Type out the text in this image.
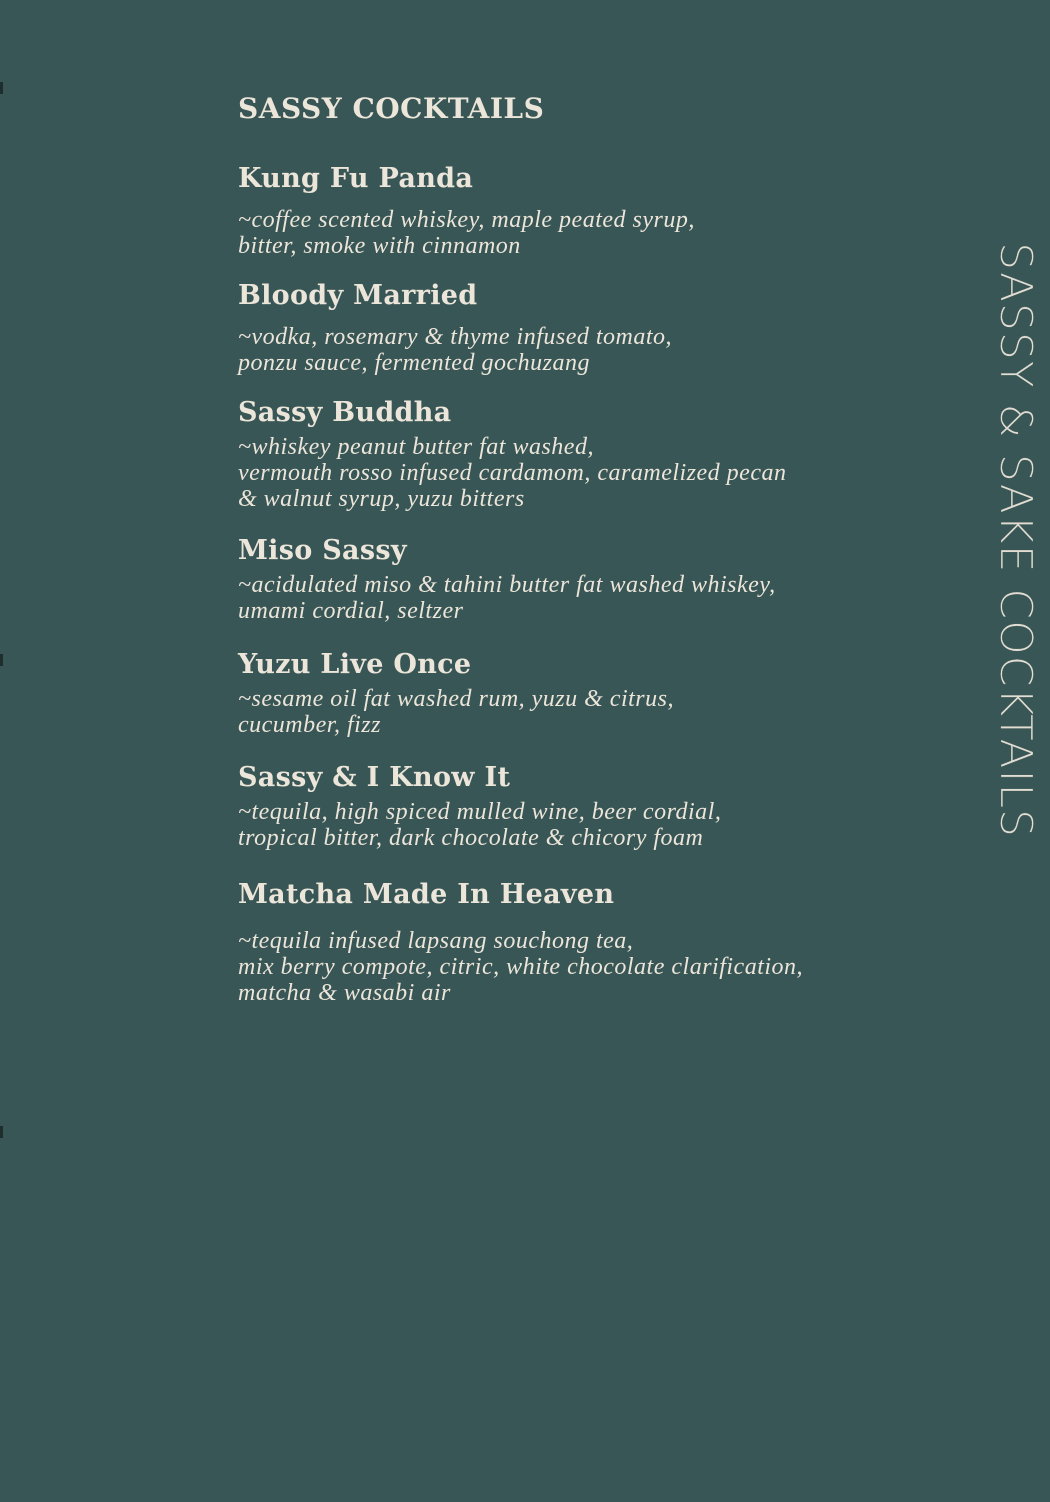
SASSY COCKTAILS
Kung Fu Panda

~coffee scented whiskey, maple peated syrup,
bitter, smoke with cinnamon

Bloody Married

~vodka, rosemary & thyme infused tomato,
ponzu sauce, fermented gochuzang

Sassy Buddha

~whiskey peanut butter fat washed,
vermouth rosso infused cardamom, caramelized pecan
& walnut syrup, yuzu bitters

Miso Sassy

~acidulated miso & tahini butter fat washed whiskey,
umami cordial, seltzer

Yuzu Live Once

~sesame oil fat washed rum, yuzu & citrus,
cucumber, fizz

Sassy & I Know It

~tequila, high spiced mulled wine, beer cordial,
tropical bitter, dark chocolate & chicory foam

Matcha Made In Heaven

~tequila infused lapsang souchong tea,
mix berry compote, citric, white chocolate clarification,
matcha & wasabi air

SASSY & SAKE COCKTAILS
